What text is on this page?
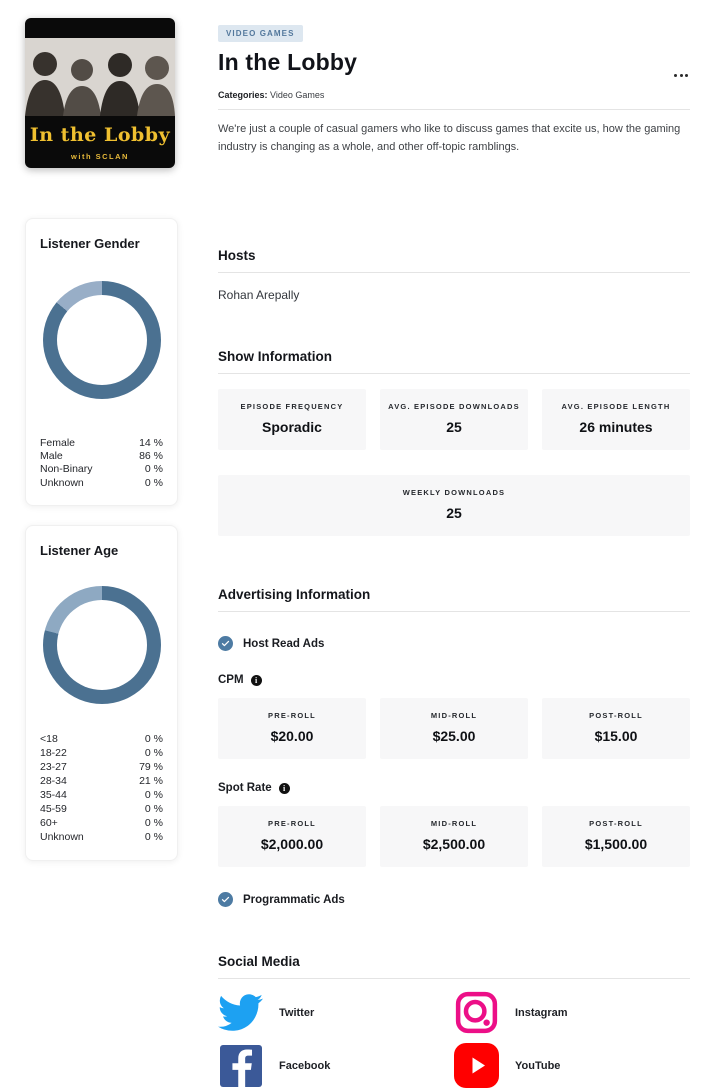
In the Lobby
with SCLAN
Listener Gender
Female	14 %
Male	86 %
Non-Binary	0 %
Unknown	0 %
Listener Age
<18	0 %
18-22	0 %
23-27	79 %
28-34	21 %
35-44	0 %
45-59	0 %
60+	0 %
Unknown	0 %
VIDEO GAMES
In the Lobby
Categories: Video Games

We're just a couple of casual gamers who like to discuss games that excite us, how the gaming industry is changing as a whole, and other off-topic ramblings.

Hosts
Rohan Arepally
Show Information
EPISODE FREQUENCY
Sporadic
AVG. EPISODE DOWNLOADS
25
AVG. EPISODE LENGTH
26 minutes
WEEKLY DOWNLOADS
25
Advertising Information
Host Read Ads
CPM	i
PRE-ROLL
$20.00
MID-ROLL
$25.00
POST-ROLL
$15.00
Spot Rate	i
PRE-ROLL
$2,000.00
MID-ROLL
$2,500.00
POST-ROLL
$1,500.00
Programmatic Ads
Social Media
Twitter	Instagram
Facebook	YouTube
